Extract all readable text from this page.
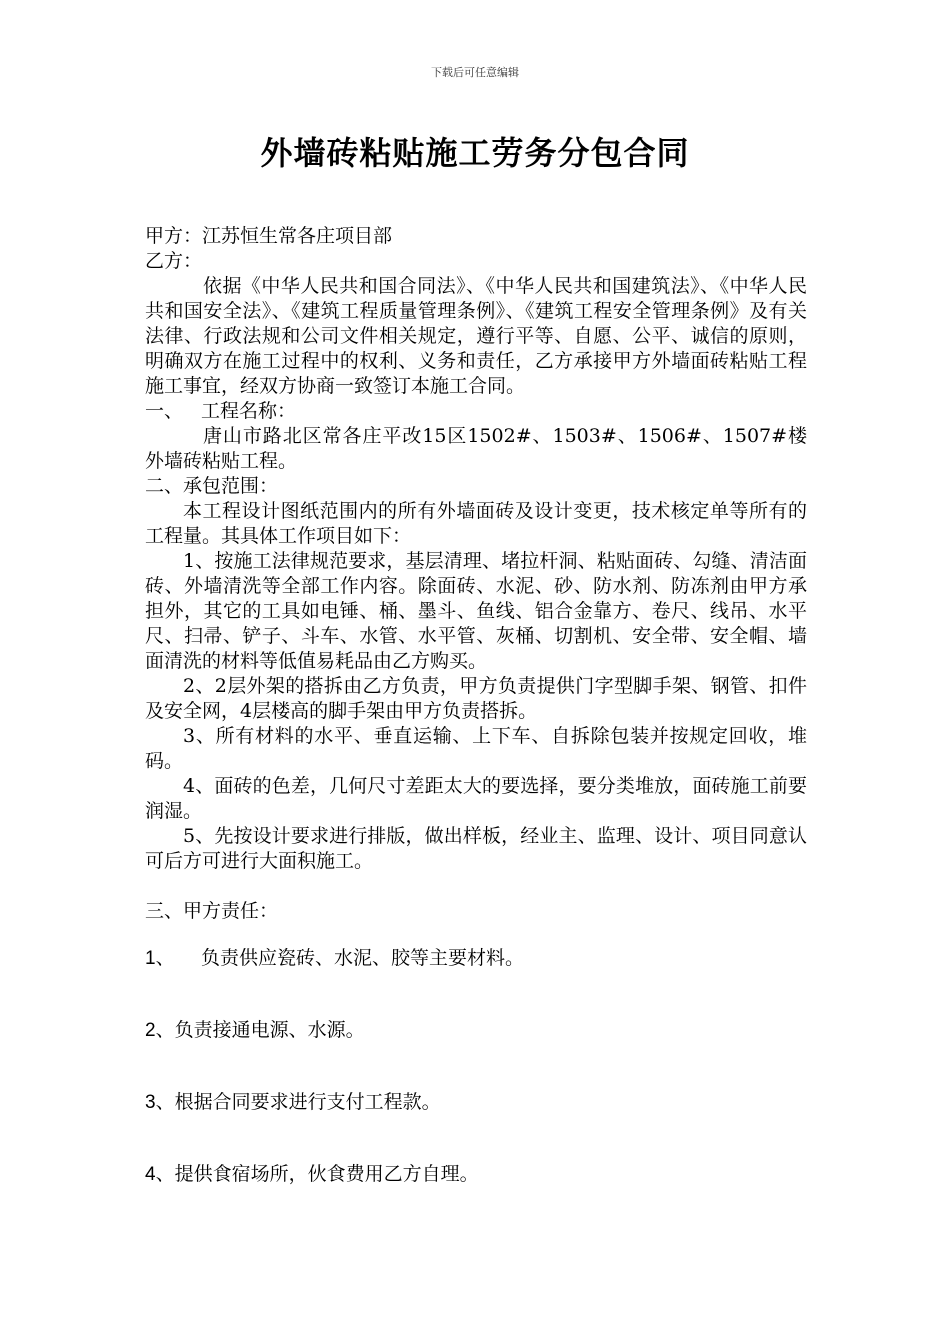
下载后可任意编辑
外墙砖粘贴施工劳务分包合同
甲方：江苏恒生常各庄项目部
乙方：
依据《中华人民共和国合同法》、《中华人民共和国建筑法》、《中华人民共和国安全法》、《建筑工程质量管理条例》、《建筑工程安全管理条例》及有关法律、行政法规和公司文件相关规定，遵行平等、自愿、公平、诚信的原则，明确双方在施工过程中的权利、义务和责任，乙方承接甲方外墙面砖粘贴工程施工事宜，经双方协商一致签订本施工合同。
一、 工程名称：
唐山市路北区常各庄平改15区1502#、1503#、1506#、1507#楼外墙砖粘贴工程。
二、承包范围：
本工程设计图纸范围内的所有外墙面砖及设计变更，技术核定单等所有的工程量。其具体工作项目如下：
1、按施工法律规范要求，基层清理、堵拉杆洞、粘贴面砖、勾缝、清洁面砖、外墙清洗等全部工作内容。除面砖、水泥、砂、防水剂、防冻剂由甲方承担外，其它的工具如电锤、桶、墨斗、鱼线、铝合金靠方、卷尺、线吊、水平尺、扫帚、铲子、斗车、水管、水平管、灰桶、切割机、安全带、安全帽、墙面清洗的材料等低值易耗品由乙方购买。
2、2层外架的搭拆由乙方负责，甲方负责提供门字型脚手架、钢管、扣件及安全网，4层楼高的脚手架由甲方负责搭拆。
3、所有材料的水平、垂直运输、上下车、自拆除包装并按规定回收，堆码。
4、面砖的色差，几何尺寸差距太大的要选择，要分类堆放，面砖施工前要润湿。
5、先按设计要求进行排版，做出样板，经业主、监理、设计、项目同意认可后方可进行大面积施工。
三、甲方责任：
1、 负责供应瓷砖、水泥、胶等主要材料。
2、负责接通电源、水源。
3、根据合同要求进行支付工程款。
4、提供食宿场所，伙食费用乙方自理。
